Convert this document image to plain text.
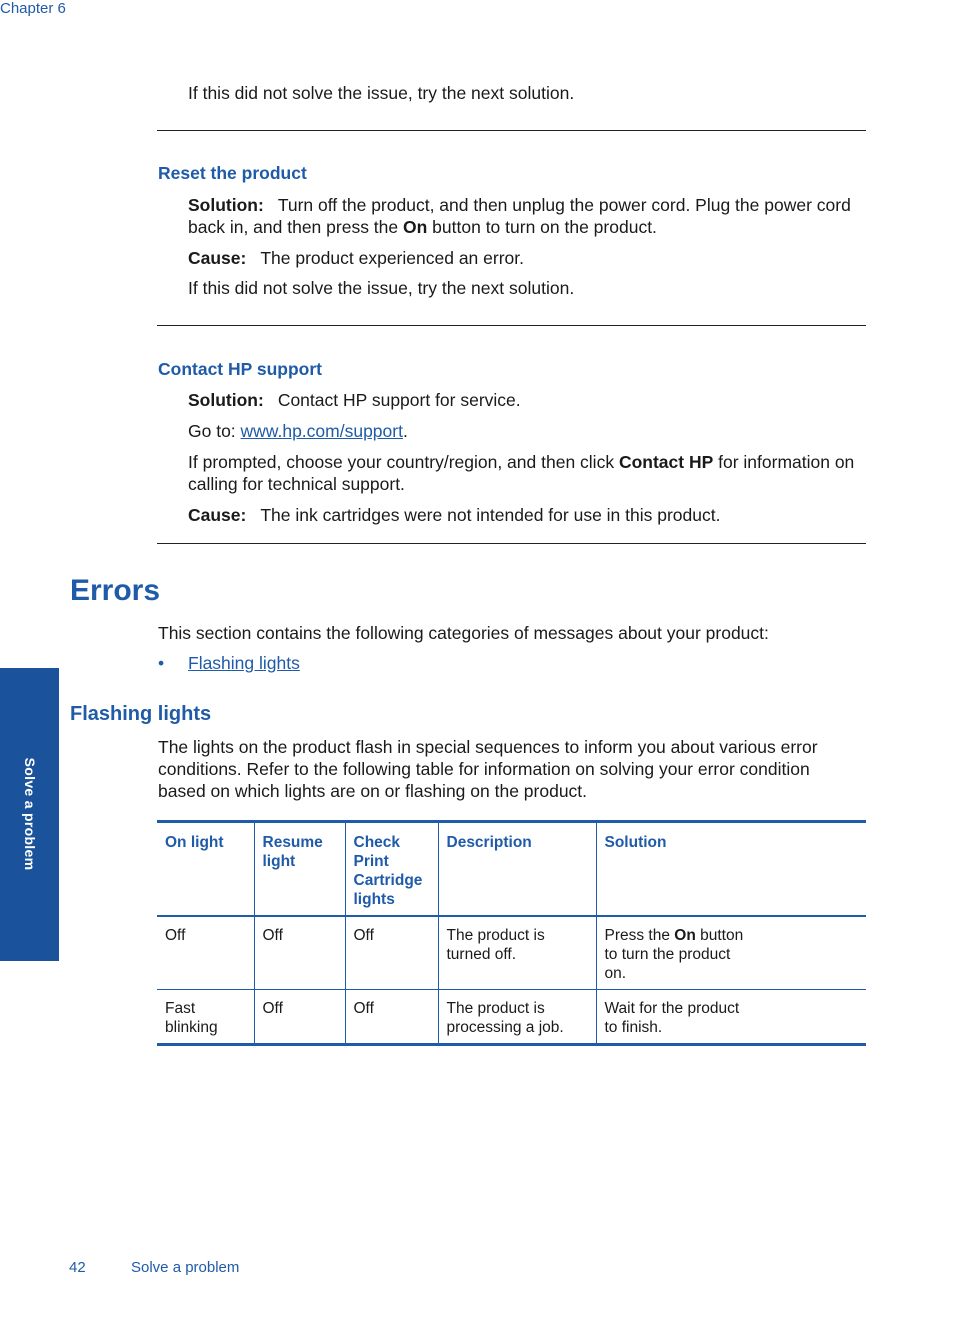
Chapter 6
If this did not solve the issue, try the next solution.
Reset the product
Solution: Turn off the product, and then unplug the power cord. Plug the power cord back in, and then press the On button to turn on the product.
Cause: The product experienced an error.
If this did not solve the issue, try the next solution.
Contact HP support
Solution: Contact HP support for service.
Go to: www.hp.com/support.
If prompted, choose your country/region, and then click Contact HP for information on calling for technical support.
Cause: The ink cartridges were not intended for use in this product.
Errors
This section contains the following categories of messages about your product:
• Flashing lights
Flashing lights
The lights on the product flash in special sequences to inform you about various error conditions. Refer to the following table for information on solving your error condition based on which lights are on or flashing on the product.
On light	Resume light	Check Print Cartridge lights	Description	Solution
Off	Off	Off	The product is turned off.	Press the On button to turn the product on.

Fast blinking	Off	Off	The product is processing a job.	Wait for the product to finish.
Solve a problem
42	Solve a problem
